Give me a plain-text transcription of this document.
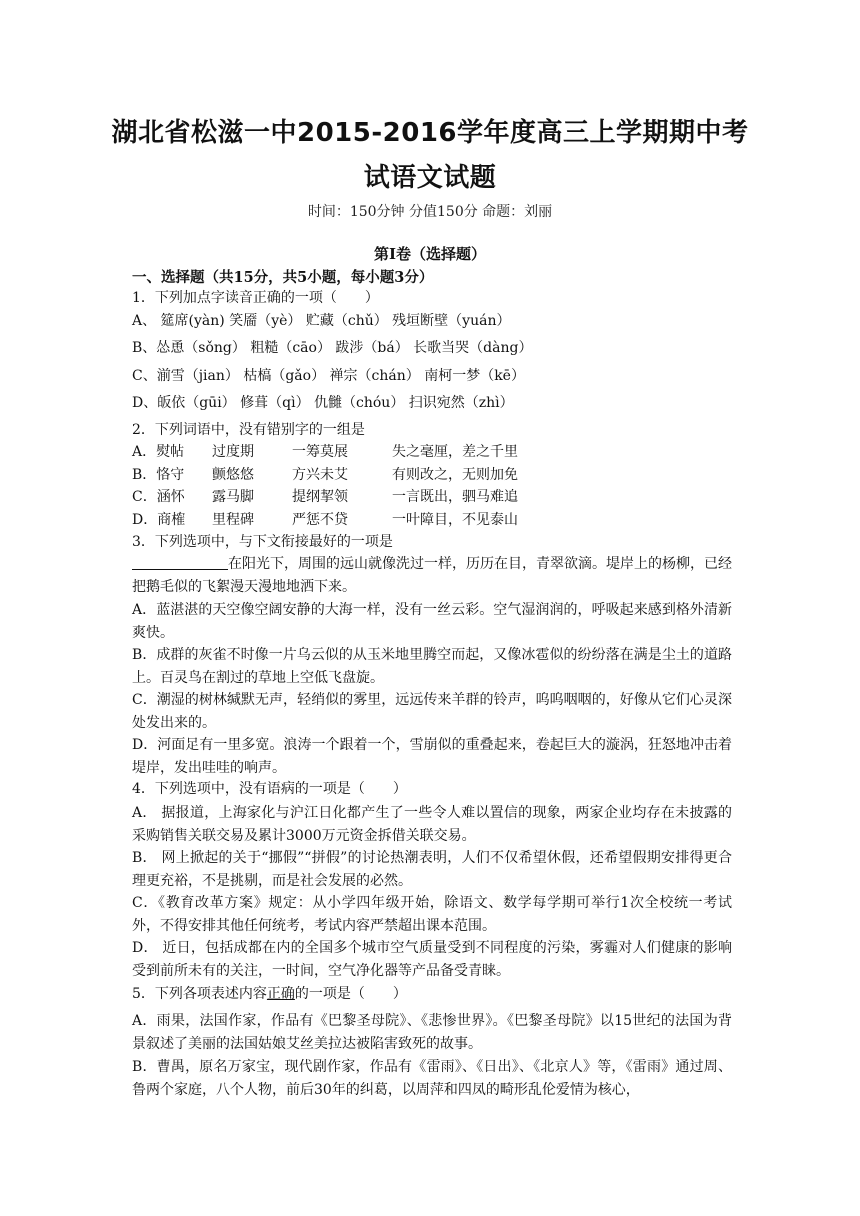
湖北省松滋一中2015-2016学年度高三上学期期中考
试语文试题
时间：150分钟 分值150分 命题：刘丽
第I卷（选择题）
一、选择题（共15分，共5小题，每小题3分）
1．下列加点字读音正确的一项（　　）
A、 筵席(yàn) 笑靥（yè） 贮藏（chǔ） 残垣断壁（yuán）
B、怂恿（sǒng） 粗糙（cāo） 跋涉（bá） 长歌当哭（dàng）
C、湔雪（jian） 枯槁（gǎo） 禅宗（chán） 南柯一梦（kē）
D、皈依（gūi） 修葺（qì） 仇雠（chóu） 扫识宛然（zhì）
2．下列词语中，没有错别字的一组是
A．熨帖 过度期	一筹莫展	失之毫厘，差之千里
B．恪守 颤悠悠	方兴未艾	有则改之，无则加免
C．涵怀 露马脚	提纲挈领	一言既出，驷马难追
D．商榷 里程碑	严惩不贷	一叶障目，不见泰山
3．下列选项中，与下文衔接最好的一项是
在阳光下，周围的远山就像洗过一样，历历在目，青翠欲滴。堤岸上的杨柳，已经把鹅毛似的飞絮漫天漫地地洒下来。
A．蓝湛湛的天空像空阔安静的大海一样，没有一丝云彩。空气湿润润的，呼吸起来感到格外清新爽快。
B．成群的灰雀不时像一片乌云似的从玉米地里腾空而起，又像冰雹似的纷纷落在满是尘土的道路上。百灵鸟在割过的草地上空低飞盘旋。
C．潮湿的树林缄默无声，轻绡似的雾里，远远传来羊群的铃声，呜呜咽咽的，好像从它们心灵深处发出来的。
D．河面足有一里多宽。浪涛一个跟着一个，雪崩似的重叠起来，卷起巨大的漩涡，狂怒地冲击着堤岸，发出哇哇的响声。
4．下列选项中，没有语病的一项是（　　）
A． 据报道，上海家化与沪江日化都产生了一些令人难以置信的现象，两家企业均存在未披露的采购销售关联交易及累计3000万元资金拆借关联交易。
B． 网上掀起的关于“挪假”“拼假”的讨论热潮表明，人们不仅希望休假，还希望假期安排得更合理更充裕，不是挑剔，而是社会发展的必然。
C．《教育改革方案》规定：从小学四年级开始，除语文、数学每学期可举行1次全校统一考试外，不得安排其他任何统考，考试内容严禁超出课本范围。
D． 近日，包括成都在内的全国多个城市空气质量受到不同程度的污染，雾霾对人们健康的影响受到前所未有的关注，一时间，空气净化器等产品备受青睐。
5．下列各项表述内容正确的一项是（　　）
A．雨果，法国作家，作品有《巴黎圣母院》、《悲惨世界》。《巴黎圣母院》以15世纪的法国为背景叙述了美丽的法国姑娘艾丝美拉达被陷害致死的故事。
B．曹禺，原名万家宝，现代剧作家，作品有《雷雨》、《日出》、《北京人》等，《雷雨》通过周、鲁两个家庭，八个人物，前后30年的纠葛，以周萍和四凤的畸形乱伦爱情为核心，
